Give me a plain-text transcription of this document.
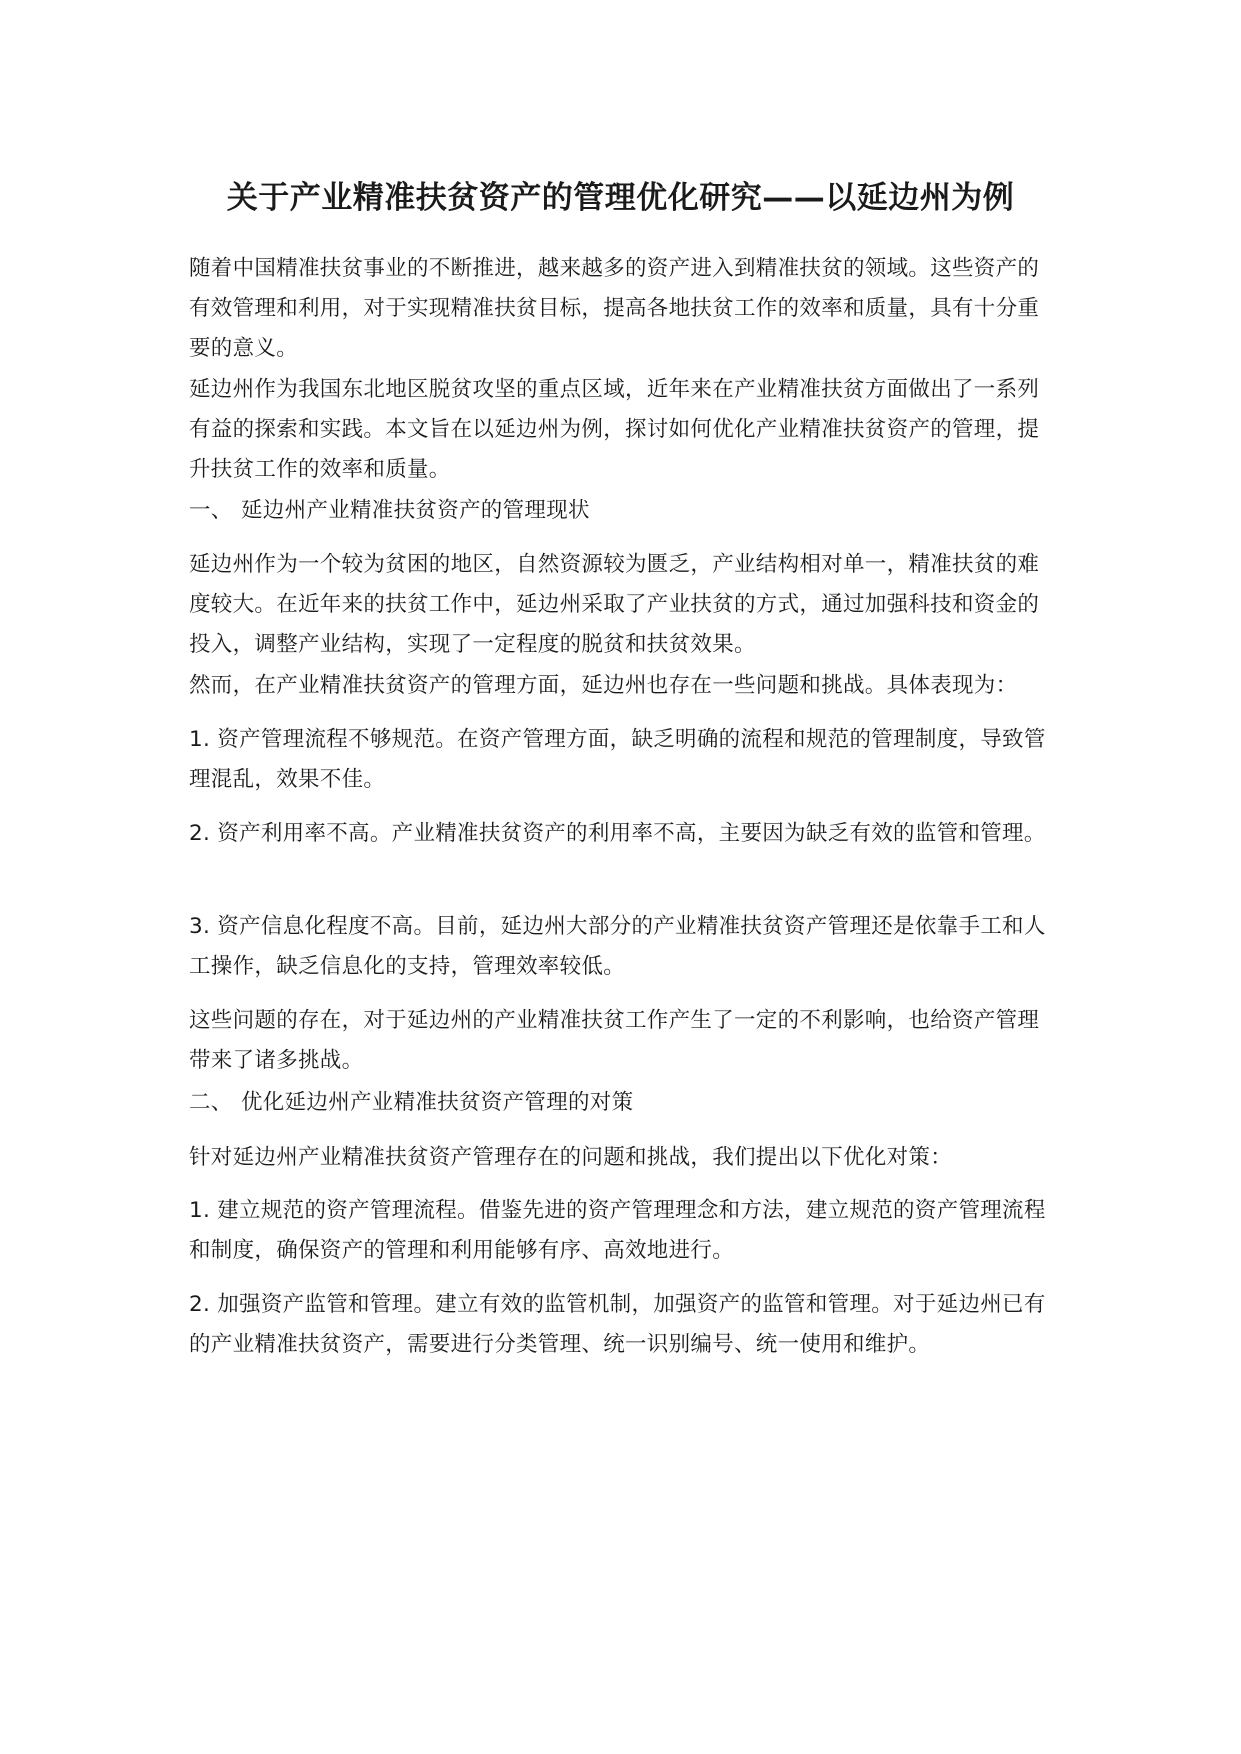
关于产业精准扶贫资产的管理优化研究——以延边州为例

随着中国精准扶贫事业的不断推进，越来越多的资产进入到精准扶贫的领域。这些资产的有效管理和利用，对于实现精准扶贫目标，提高各地扶贫工作的效率和质量，具有十分重要的意义。

延边州作为我国东北地区脱贫攻坚的重点区域，近年来在产业精准扶贫方面做出了一系列有益的探索和实践。本文旨在以延边州为例，探讨如何优化产业精准扶贫资产的管理，提升扶贫工作的效率和质量。

一、 延边州产业精准扶贫资产的管理现状

延边州作为一个较为贫困的地区，自然资源较为匮乏，产业结构相对单一，精准扶贫的难度较大。在近年来的扶贫工作中，延边州采取了产业扶贫的方式，通过加强科技和资金的投入，调整产业结构，实现了一定程度的脱贫和扶贫效果。

然而，在产业精准扶贫资产的管理方面，延边州也存在一些问题和挑战。具体表现为：

1. 资产管理流程不够规范。在资产管理方面，缺乏明确的流程和规范的管理制度，导致管理混乱，效果不佳。

2. 资产利用率不高。产业精准扶贫资产的利用率不高，主要因为缺乏有效的监管和管理。

3. 资产信息化程度不高。目前，延边州大部分的产业精准扶贫资产管理还是依靠手工和人工操作，缺乏信息化的支持，管理效率较低。

这些问题的存在，对于延边州的产业精准扶贫工作产生了一定的不利影响，也给资产管理带来了诸多挑战。

二、 优化延边州产业精准扶贫资产管理的对策

针对延边州产业精准扶贫资产管理存在的问题和挑战，我们提出以下优化对策：

1. 建立规范的资产管理流程。借鉴先进的资产管理理念和方法，建立规范的资产管理流程和制度，确保资产的管理和利用能够有序、高效地进行。

2. 加强资产监管和管理。建立有效的监管机制，加强资产的监管和管理。对于延边州已有的产业精准扶贫资产，需要进行分类管理、统一识别编号、统一使用和维护。
